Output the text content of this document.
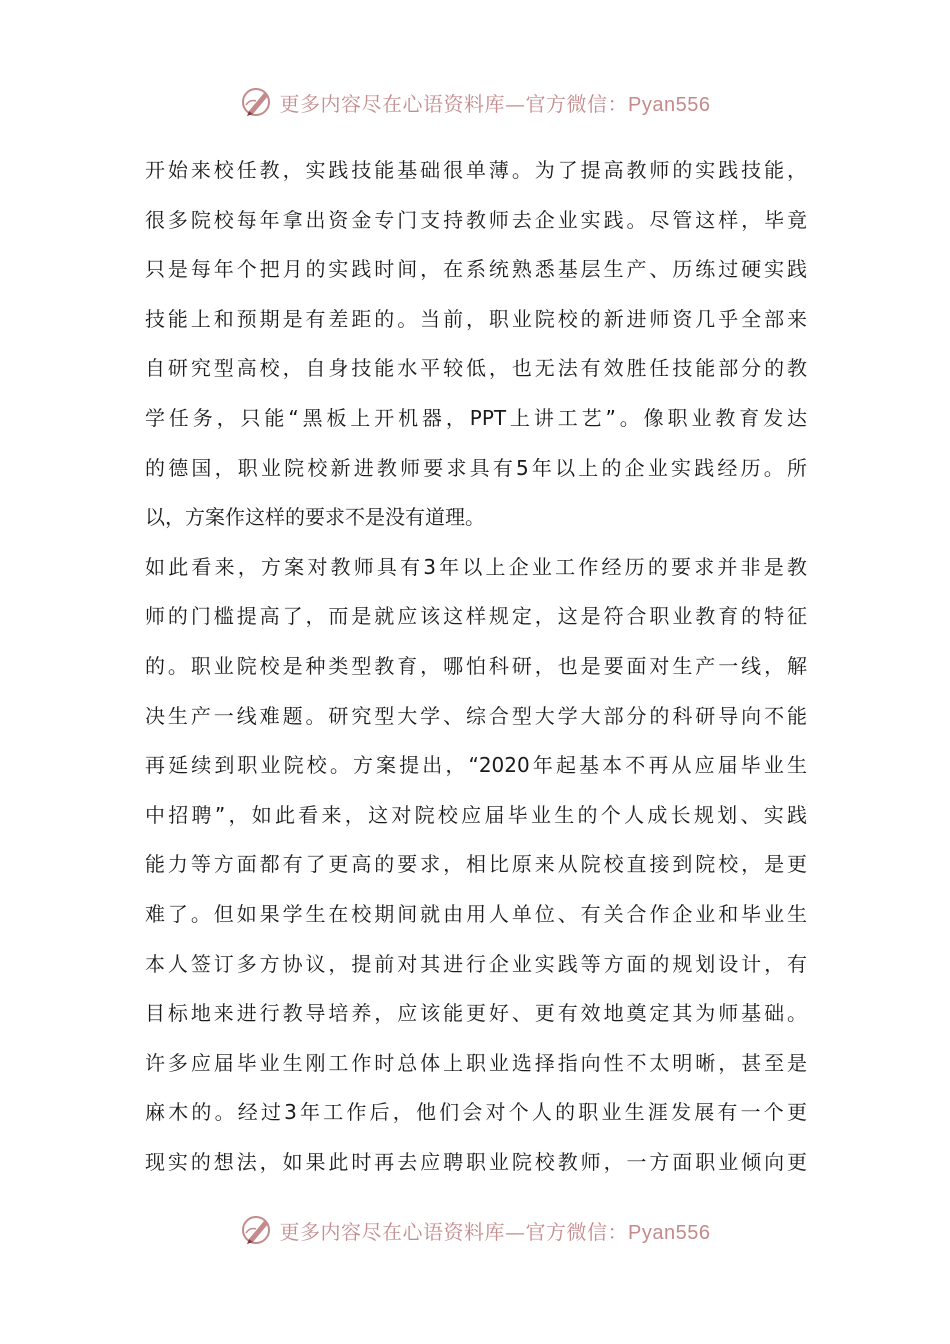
更多内容尽在心语资料库—官方微信：Pyan556
开始来校任教，实践技能基础很单薄。为了提高教师的实践技能，
很多院校每年拿出资金专门支持教师去企业实践。尽管这样，毕竟
只是每年个把月的实践时间，在系统熟悉基层生产、历练过硬实践
技能上和预期是有差距的。当前，职业院校的新进师资几乎全部来
自研究型高校，自身技能水平较低，也无法有效胜任技能部分的教
学任务，只能“黑板上开机器，PPT上讲工艺”。像职业教育发达
的德国，职业院校新进教师要求具有5年以上的企业实践经历。所
以，方案作这样的要求不是没有道理。
如此看来，方案对教师具有3年以上企业工作经历的要求并非是教
师的门槛提高了，而是就应该这样规定，这是符合职业教育的特征
的。职业院校是种类型教育，哪怕科研，也是要面对生产一线，解
决生产一线难题。研究型大学、综合型大学大部分的科研导向不能
再延续到职业院校。方案提出，“2020年起基本不再从应届毕业生
中招聘”，如此看来，这对院校应届毕业生的个人成长规划、实践
能力等方面都有了更高的要求，相比原来从院校直接到院校，是更
难了。但如果学生在校期间就由用人单位、有关合作企业和毕业生
本人签订多方协议，提前对其进行企业实践等方面的规划设计，有
目标地来进行教导培养，应该能更好、更有效地奠定其为师基础。
许多应届毕业生刚工作时总体上职业选择指向性不太明晰，甚至是
麻木的。经过3年工作后，他们会对个人的职业生涯发展有一个更
现实的想法，如果此时再去应聘职业院校教师，一方面职业倾向更
更多内容尽在心语资料库—官方微信：Pyan556
